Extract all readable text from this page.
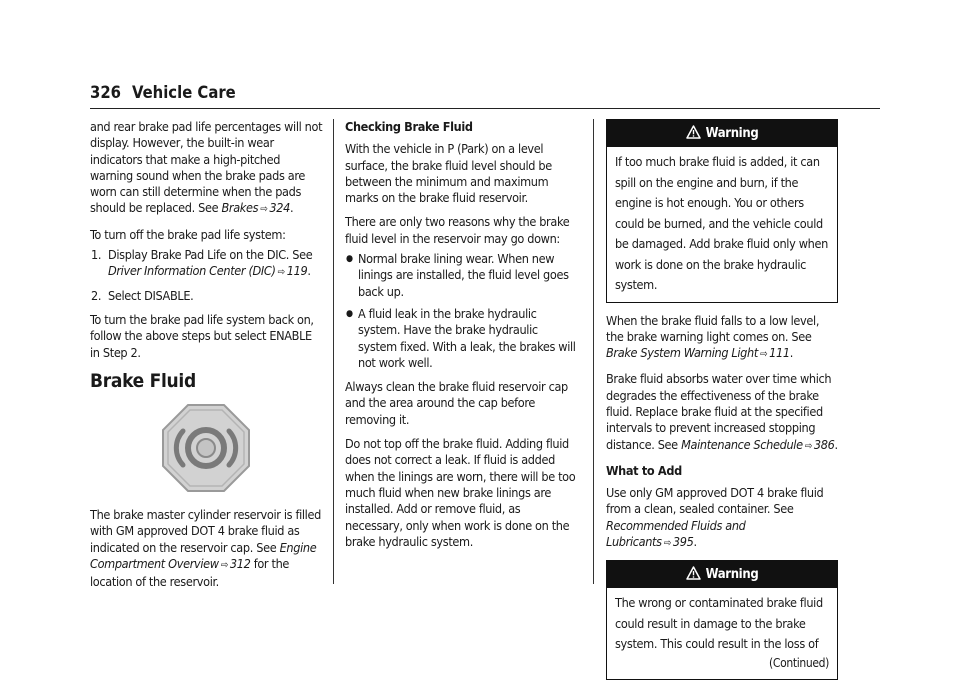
326 Vehicle Care

and rear brake pad life percentages will not display. However, the built-in wear indicators that make a high-pitched warning sound when the brake pads are worn can still determine when the pads should be replaced. See Brakes ⇨ 324.

To turn off the brake pad life system:

1. Display Brake Pad Life on the DIC. See Driver Information Center (DIC) ⇨ 119.
2. Select DISABLE.

To turn the brake pad life system back on, follow the above steps but select ENABLE in Step 2.

Brake Fluid

The brake master cylinder reservoir is filled with GM approved DOT 4 brake fluid as indicated on the reservoir cap. See Engine Compartment Overview ⇨ 312 for the location of the reservoir.

Checking Brake Fluid

With the vehicle in P (Park) on a level surface, the brake fluid level should be between the minimum and maximum marks on the brake fluid reservoir.

There are only two reasons why the brake fluid level in the reservoir may go down:

● Normal brake lining wear. When new linings are installed, the fluid level goes back up.
● A fluid leak in the brake hydraulic system. Have the brake hydraulic system fixed. With a leak, the brakes will not work well.

Always clean the brake fluid reservoir cap and the area around the cap before removing it.

Do not top off the brake fluid. Adding fluid does not correct a leak. If fluid is added when the linings are worn, there will be too much fluid when new brake linings are installed. Add or remove fluid, as necessary, only when work is done on the brake hydraulic system.

Warning

If too much brake fluid is added, it can spill on the engine and burn, if the engine is hot enough. You or others could be burned, and the vehicle could be damaged. Add brake fluid only when work is done on the brake hydraulic system.

When the brake fluid falls to a low level, the brake warning light comes on. See Brake System Warning Light ⇨ 111.

Brake fluid absorbs water over time which degrades the effectiveness of the brake fluid. Replace brake fluid at the specified intervals to prevent increased stopping distance. See Maintenance Schedule ⇨ 386.

What to Add

Use only GM approved DOT 4 brake fluid from a clean, sealed container. See Recommended Fluids and Lubricants ⇨ 395.

Warning

The wrong or contaminated brake fluid could result in damage to the brake system. This could result in the loss of

(Continued)
